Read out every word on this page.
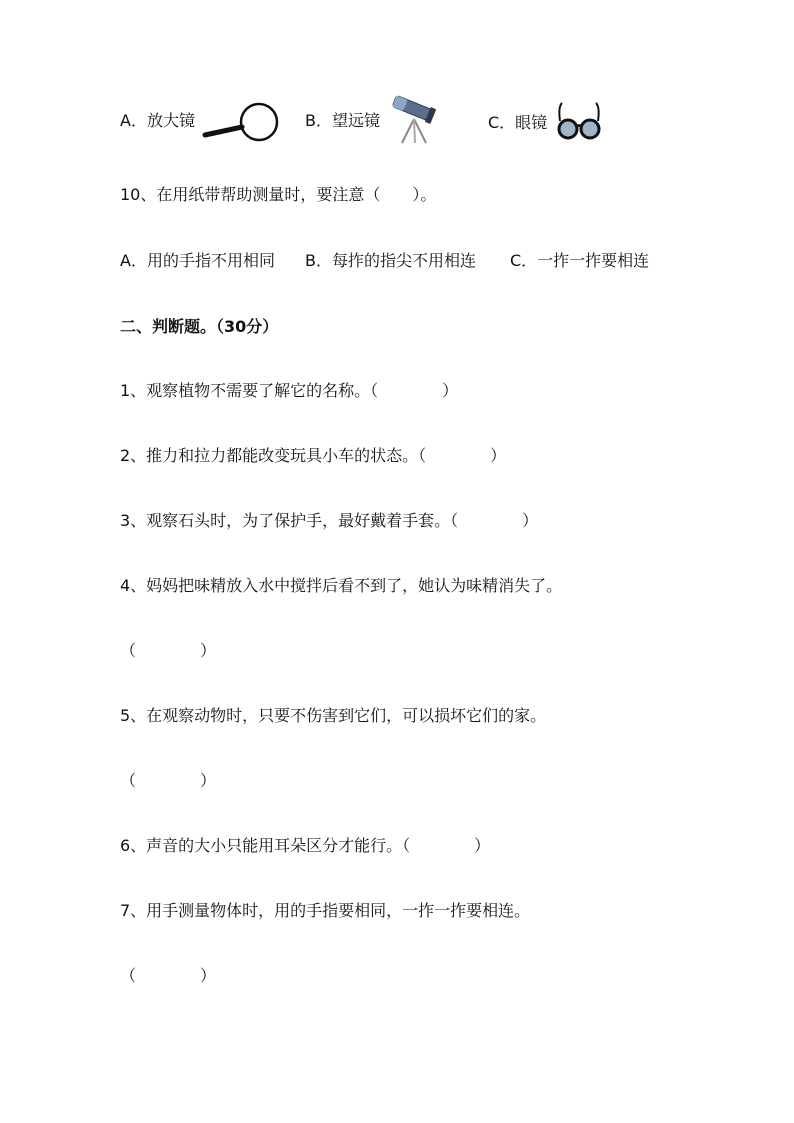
A．放大镜	B．望远镜	C．眼镜
10、在用纸带帮助测量时，要注意（　　）。
A．用的手指不用相同 B．每拃的指尖不用相连 C．一拃一拃要相连
二、判断题。（30分）
1、观察植物不需要了解它的名称。（　　　　）
2、推力和拉力都能改变玩具小车的状态。（　　　　）
3、观察石头时，为了保护手，最好戴着手套。（　　　　）
4、妈妈把味精放入水中搅拌后看不到了，她认为味精消失了。
（　　　　）
5、在观察动物时，只要不伤害到它们，可以损坏它们的家。
（　　　　）
6、声音的大小只能用耳朵区分才能行。（　　　　）
7、用手测量物体时，用的手指要相同，一拃一拃要相连。
（　　　　）
